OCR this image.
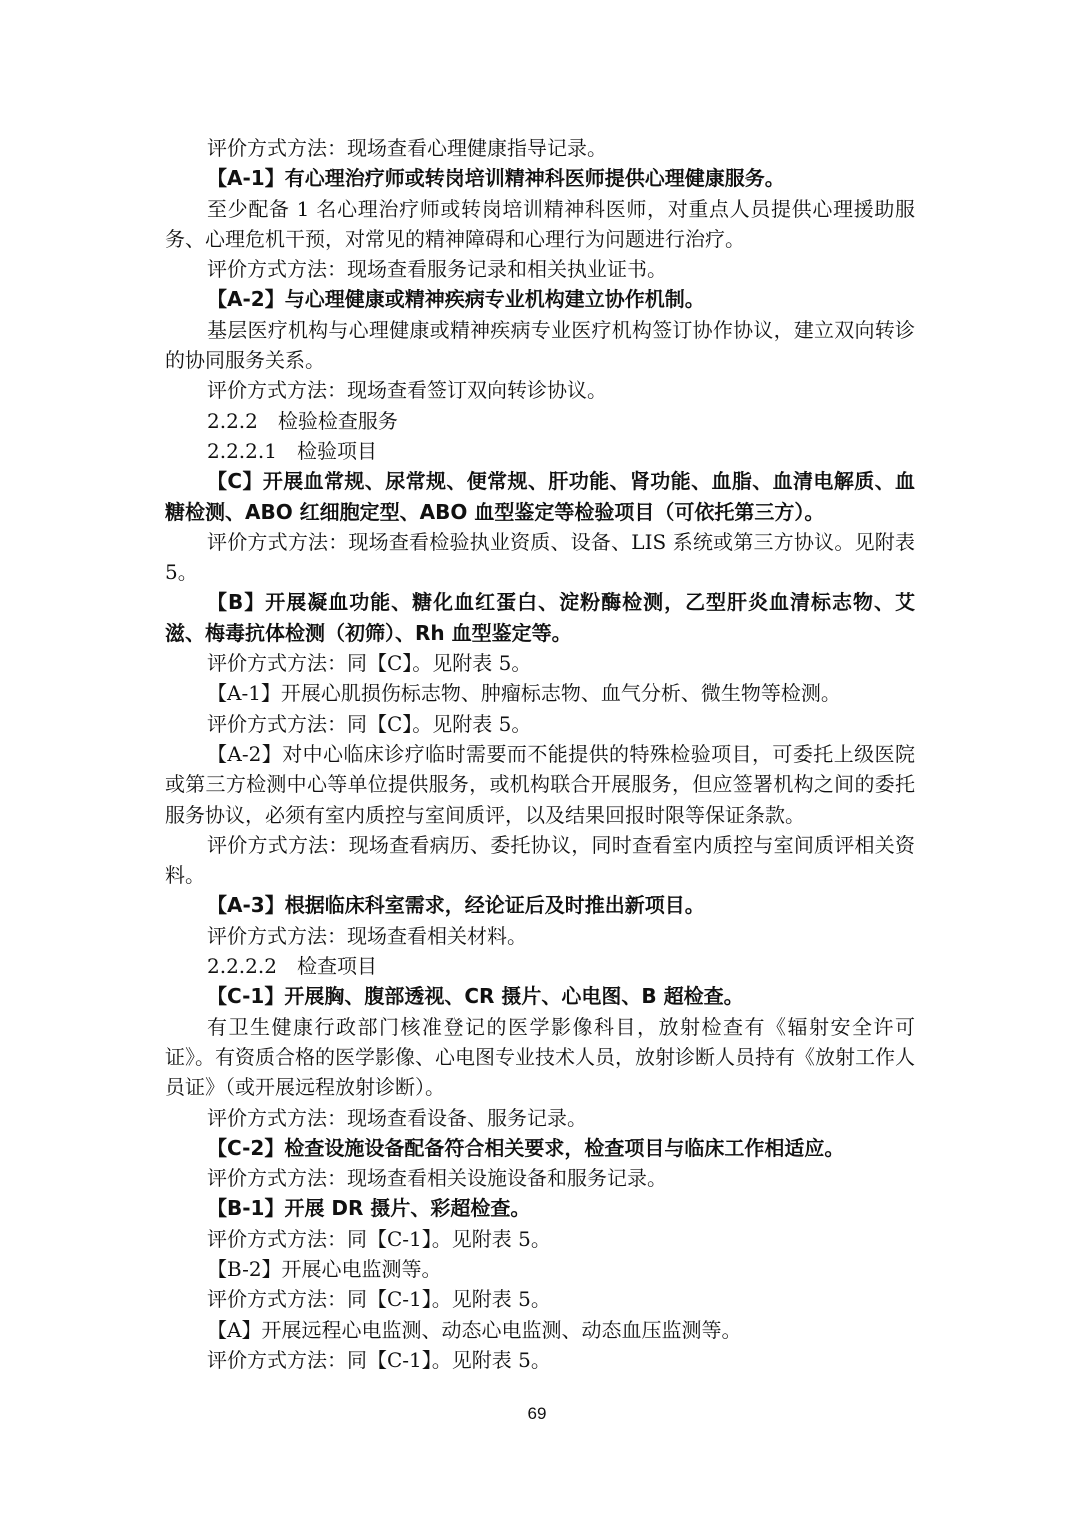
评价方式方法：现场查看心理健康指导记录。

【A-1】有心理治疗师或转岗培训精神科医师提供心理健康服务。

至少配备 1 名心理治疗师或转岗培训精神科医师，对重点人员提供心理援助服务、心理危机干预，对常见的精神障碍和心理行为问题进行治疗。

评价方式方法：现场查看服务记录和相关执业证书。

【A-2】与心理健康或精神疾病专业机构建立协作机制。

基层医疗机构与心理健康或精神疾病专业医疗机构签订协作协议，建立双向转诊的协同服务关系。

评价方式方法：现场查看签订双向转诊协议。

2.2.2　检验检查服务

2.2.2.1　检验项目

【C】开展血常规、尿常规、便常规、肝功能、肾功能、血脂、血清电解质、血糖检测、ABO 红细胞定型、ABO 血型鉴定等检验项目（可依托第三方）。

评价方式方法：现场查看检验执业资质、设备、LIS 系统或第三方协议。见附表 5。

【B】开展凝血功能、糖化血红蛋白、淀粉酶检测，乙型肝炎血清标志物、艾滋、梅毒抗体检测（初筛）、Rh 血型鉴定等。

评价方式方法：同【C】。见附表 5。

【A-1】开展心肌损伤标志物、肿瘤标志物、血气分析、微生物等检测。

评价方式方法：同【C】。见附表 5。

【A-2】对中心临床诊疗临时需要而不能提供的特殊检验项目，可委托上级医院或第三方检测中心等单位提供服务，或机构联合开展服务，但应签署机构之间的委托服务协议，必须有室内质控与室间质评，以及结果回报时限等保证条款。

评价方式方法：现场查看病历、委托协议，同时查看室内质控与室间质评相关资料。

【A-3】根据临床科室需求，经论证后及时推出新项目。

评价方式方法：现场查看相关材料。

2.2.2.2　检查项目

【C-1】开展胸、腹部透视、CR 摄片、心电图、B 超检查。

有卫生健康行政部门核准登记的医学影像科目，放射检查有《辐射安全许可证》。有资质合格的医学影像、心电图专业技术人员，放射诊断人员持有《放射工作人员证》（或开展远程放射诊断）。

评价方式方法：现场查看设备、服务记录。

【C-2】检查设施设备配备符合相关要求，检查项目与临床工作相适应。

评价方式方法：现场查看相关设施设备和服务记录。

【B-1】开展 DR 摄片、彩超检查。

评价方式方法：同【C-1】。见附表 5。

【B-2】开展心电监测等。

评价方式方法：同【C-1】。见附表 5。

【A】开展远程心电监测、动态心电监测、动态血压监测等。

评价方式方法：同【C-1】。见附表 5。

69
